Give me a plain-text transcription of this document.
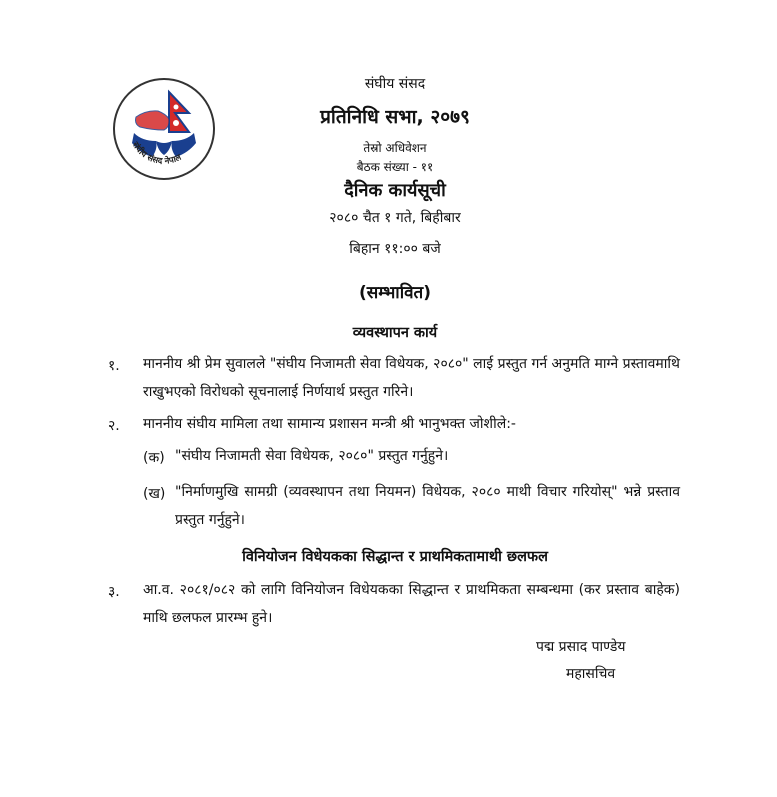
संघीय संसद नेपाल
संघीय संसद
प्रतिनिधि सभा, २०७९
तेस्रो अधिवेशन
बैठक संख्या - ११
दैनिक कार्यसूची
२०८० चैत १ गते, बिहीबार
बिहान ११:०० बजे
(सम्भावित)
व्यवस्थापन कार्य
१. माननीय श्री प्रेम सुवालले "संघीय निजामती सेवा विधेयक, २०८०" लाई प्रस्तुत गर्न अनुमति माग्ने प्रस्तावमाथि राखुभएको विरोधको सूचनालाई निर्णयार्थ प्रस्तुत गरिने।
२. माननीय संघीय मामिला तथा सामान्य प्रशासन मन्त्री श्री भानुभक्त जोशीले:-
(क) "संघीय निजामती सेवा विधेयक, २०८०" प्रस्तुत गर्नुहुने।
(ख) "निर्माणमुखि सामग्री (व्यवस्थापन तथा नियमन) विधेयक, २०८० माथी विचार गरियोस्" भन्ने प्रस्ताव प्रस्तुत गर्नुहुने।
विनियोजन विधेयकका सिद्धान्त र प्राथमिकतामाथी छलफल
३. आ.व. २०८१/०८२ को लागि विनियोजन विधेयकका सिद्धान्त र प्राथमिकता सम्बन्धमा (कर प्रस्ताव बाहेक) माथि छलफल प्रारम्भ हुने।
पद्म प्रसाद पाण्डेय
महासचिव
